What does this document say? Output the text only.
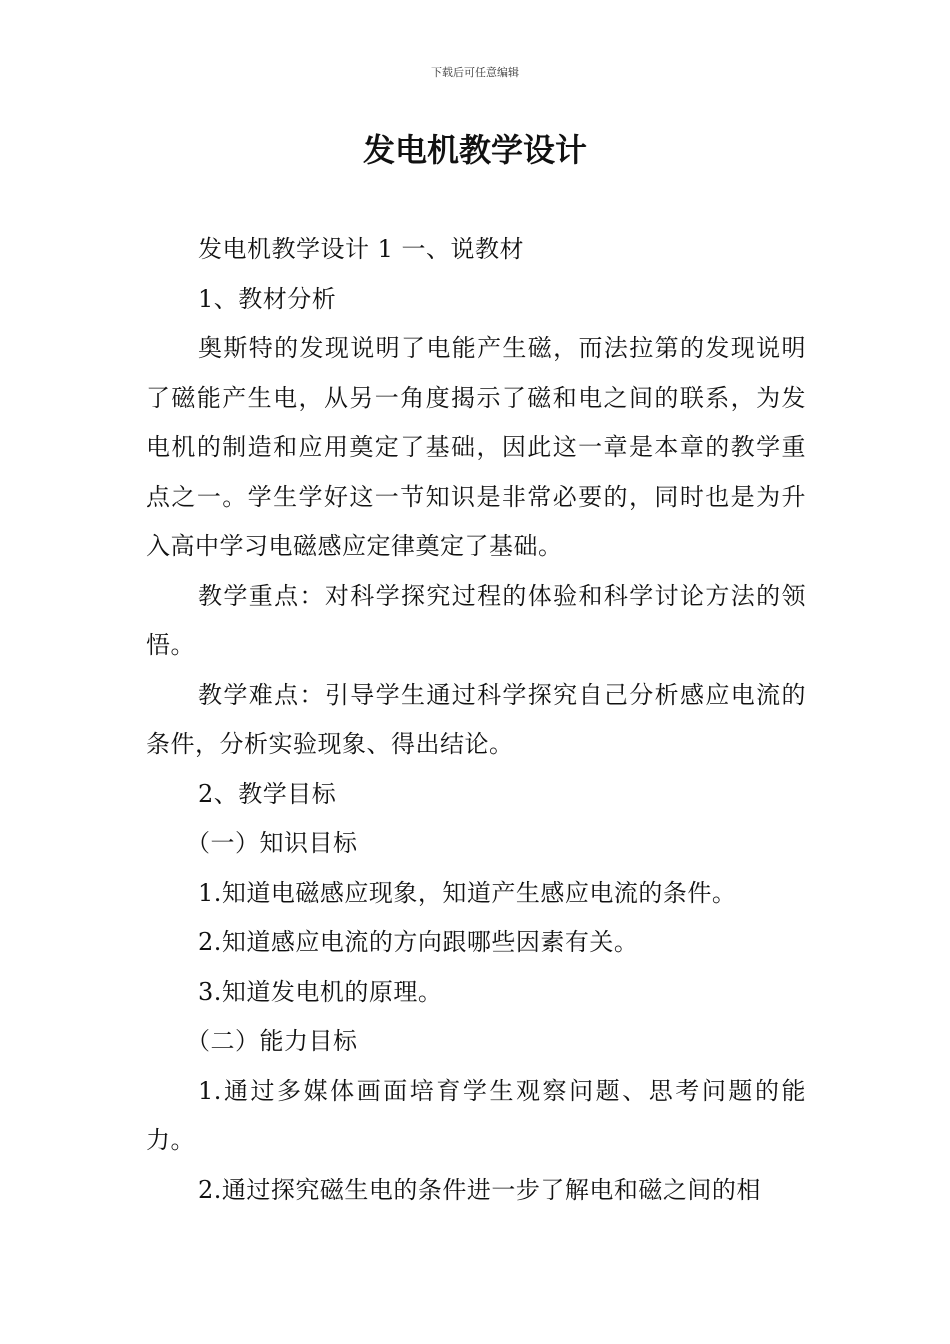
下载后可任意编辑
发电机教学设计

发电机教学设计 1 一、说教材

1、教材分析

奥斯特的发现说明了电能产生磁，而法拉第的发现说明了磁能产生电，从另一角度揭示了磁和电之间的联系，为发电机的制造和应用奠定了基础，因此这一章是本章的教学重点之一。学生学好这一节知识是非常必要的，同时也是为升入高中学习电磁感应定律奠定了基础。

教学重点：对科学探究过程的体验和科学讨论方法的领悟。

教学难点：引导学生通过科学探究自己分析感应电流的条件，分析实验现象、得出结论。

2、教学目标

（一）知识目标

1.知道电磁感应现象，知道产生感应电流的条件。

2.知道感应电流的方向跟哪些因素有关。

3.知道发电机的原理。

（二）能力目标

1.通过多媒体画面培育学生观察问题、思考问题的能力。

2.通过探究磁生电的条件进一步了解电和磁之间的相
